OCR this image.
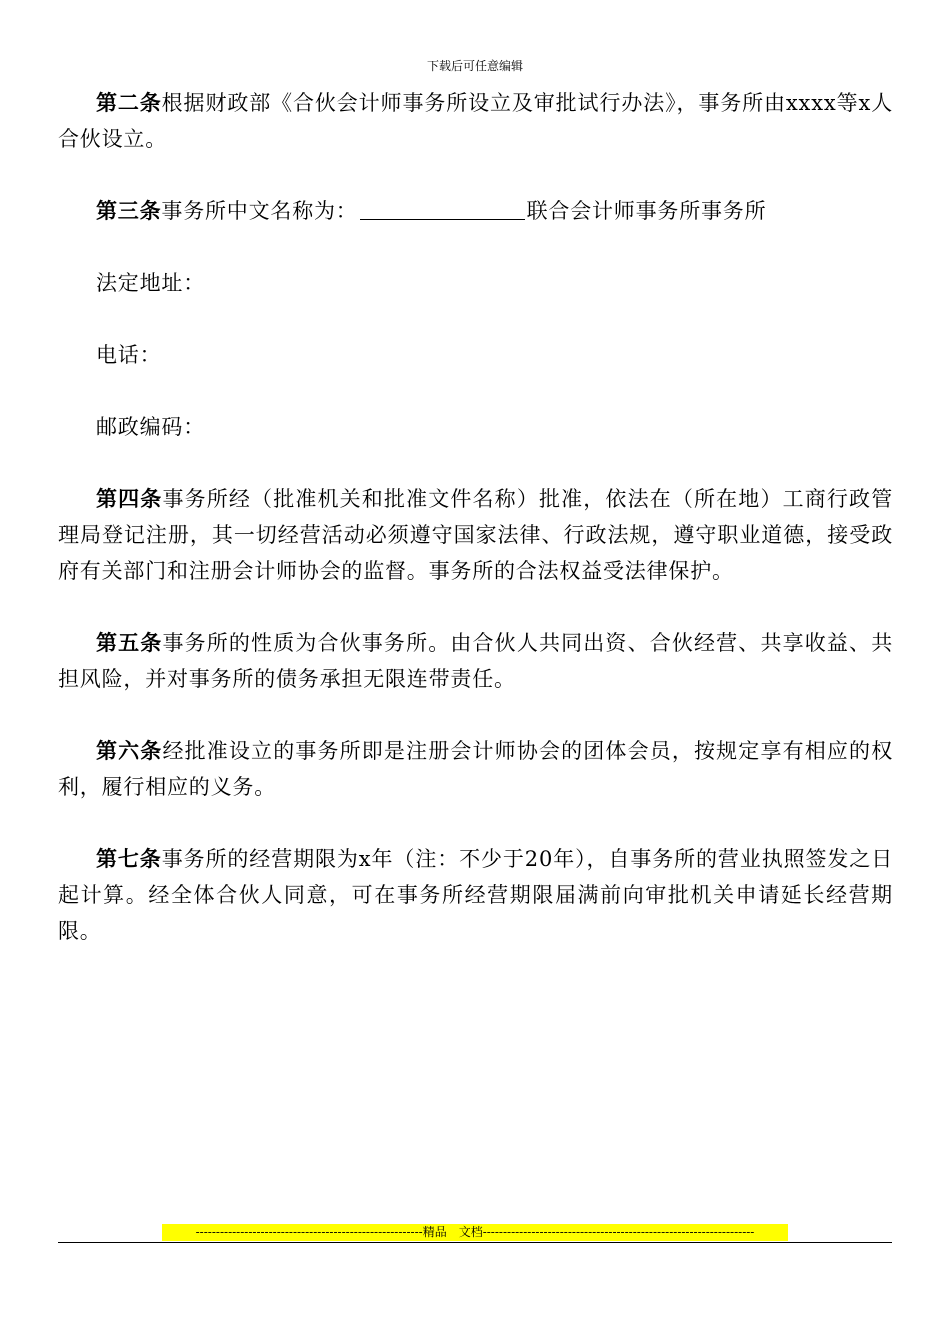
下载后可任意编辑

第二条根据财政部《合伙会计师事务所设立及审批试行办法》，事务所由xxxx等x人合伙设立。

第三条事务所中文名称为：	联合会计师事务所事务所

法定地址：

电话：

邮政编码：

第四条事务所经（批准机关和批准文件名称）批准，依法在（所在地）工商行政管理局登记注册，其一切经营活动必须遵守国家法律、行政法规，遵守职业道德，接受政府有关部门和注册会计师协会的监督。事务所的合法权益受法律保护。

第五条事务所的性质为合伙事务所。由合伙人共同出资、合伙经营、共享收益、共担风险，并对事务所的债务承担无限连带责任。

第六条经批准设立的事务所即是注册会计师协会的团体会员，按规定享有相应的权利，履行相应的义务。

第七条事务所的经营期限为x年（注：不少于20年），自事务所的营业执照签发之日起计算。经全体合伙人同意，可在事务所经营期限届满前向审批机关申请延长经营期限。

--------------------------------------------------------精品　文档-------------------------------------------------------------------
